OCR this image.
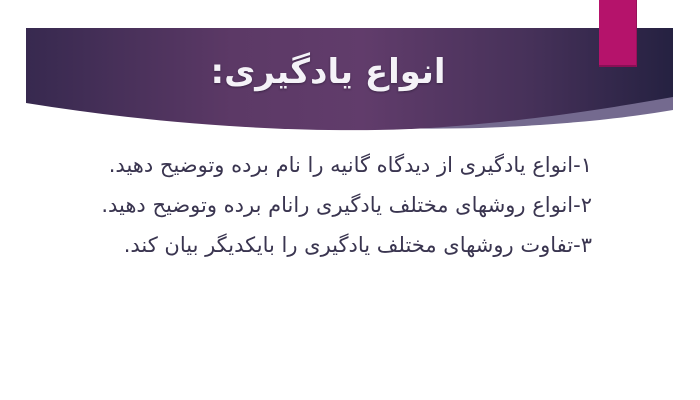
انواع یادگیری:
۱-انواع یادگیری از دیدگاه گانیه را نام برده وتوضیح دهید.
۲-انواع روشهای مختلف یادگیری رانام برده وتوضیح دهید.
۳-تفاوت روشهای مختلف یادگیری را بایکدیگر بیان کند.
